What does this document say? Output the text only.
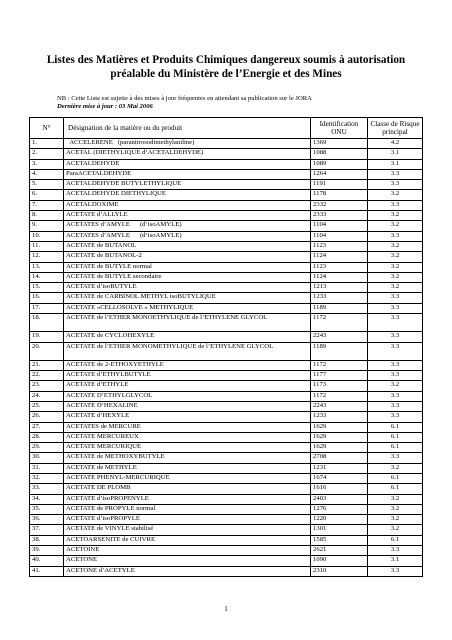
Listes des Matières et Produits Chimiques dangereux soumis à autorisation
préalable du Ministère de l’Energie et des Mines
NB : Cette Liste est sujette à des mises à jour fréquentes en attendant sa publication sur le JORA
Dernière mise à jour : 03 Mai 2006
N°	Désignation de la matière ou du produit	Identification ONU	Classe de Risque principal
1.	ACCELERENE   (paranitrosodimethylaniline)	1369	4.2
2.	ACETAL (DIETHYLIQUE d’ACETALDEHYDE)	1088	3.1
3.	ACETALDEHYDE	1089	3.1
4.	ParaACETALDEHYDE	1264	3.3
5.	ACETALDEHYDE BUTYLETHYLIQUE	1191	3.3
6.	ACETALDEHYDE DIETHYLIQUE	1178	3.2
7.	ACETALDOXIME	2332	3.3
8.	ACETATE d’ALLYLE	2333	3.2
9.	ACETATES d’AMYLE      (d’isoAMYLE)	1104	3.2
10.	ACETATES d’AMYLE      (d’isoAMYLE)	1104	3.3
11.	ACETATE de BUTANOL	1123	3.2
12.	ACETATE de BUTANOL-2	1124	3.2
13.	ACETATE de BUTYLE normal	1123	3.2
14.	ACETATE de BUTYLE secondaire	1124	3.2
15.	ACETATE d’isoBUTYLE	1213	3.2
16.	ACETATE de CARBINOL METHYL isoBUTYLIQUE	1233	3.3
17.	ACETATE «CELLOSOLVE » METHYLIQUE	1189	3.3
18.	ACETATE de l’ETHER MONOETHYLIQUE de l’ETHYLENE GLYCOL	1172	3.3
19.	ACETATE de CYCLOHEXYLE	2243	3.3
20.	ACETATE de l’ETHER MONOMETHYLIQUE de l’ETHYLENE GLYCOL	1189	3.3
21.	ACETATE de 2-ETHOXYETHYLE	1172	3.3
22.	ACETATE d’ETHYLBUTYLE	1177	3.3
23.	ACETATE d’ETHYLE	1173	3.2
24.	ACETATE D’ETHYLGLYCOL	1172	3.3
25.	ACETATE D’HEXALINE	2243	3.3
26.	ACETATE d’HEXYLE	1233	3.3
27.	ACETATES de MERCURE	1629	6.1
28.	ACETATE MERCUREUX	1629	6.1
29.	ACETATE MERCURIQUE	1629	6.1
30.	ACETATE de METHOXYBUTYLE	2708	3.3
31.	ACETATE de METHYLE	1231	3.2
32.	ACETATE PHENYL-MERCURIQUE	1674	6.1
33.	ACETATE DE PLOMB	1616	6.1
34.	ACETATE d’isoPROPENYLE	2403	3.2
35.	ACETATE de PROPYLE normal	1276	3.2
36.	ACETATE d’isoPROPYLE	1220	3.2
37.	ACETATE de VINYLE stabilisé	1301	3.2
38.	ACETOARSENITE de CUIVRE	1585	6.1
39.	ACETOINE	2621	3.3
40.	ACETONE	1090	3.1
41.	ACETONE d’ACETYLE	2310	3.3
1
